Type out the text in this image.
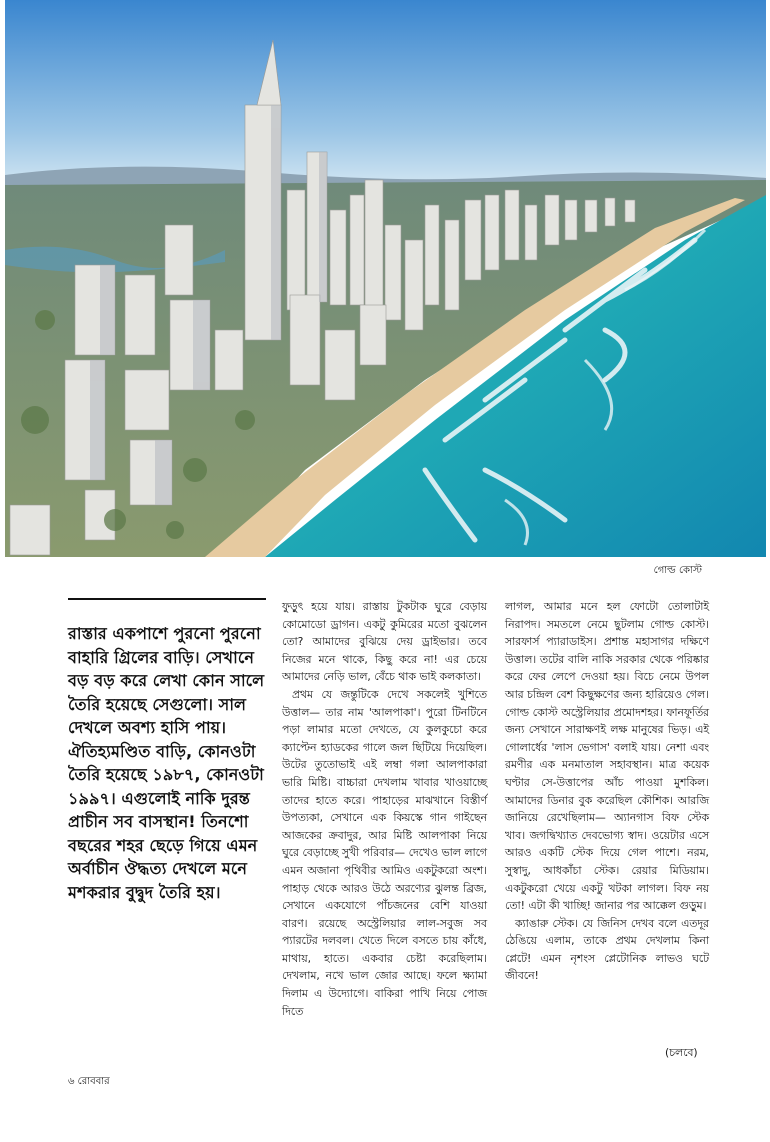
গোল্ড কোস্ট
রাস্তার একপাশে পুরনো পুরনো বাহারি গ্রিলের বাড়ি। সেখানে বড় বড় করে লেখা কোন সালে তৈরি হয়েছে সেগুলো। সাল দেখলে অবশ্য হাসি পায়। ঐতিহ্যমণ্ডিত বাড়ি, কোনওটা তৈরি হয়েছে ১৯৮৭, কোনওটা ১৯৯৭। এগুলোই নাকি দুরন্ত প্রাচীন সব বাসস্থান! তিনশো বছরের শহর ছেড়ে গিয়ে এমন অর্বাচীন ঔদ্ধত্য দেখলে মনে মশকরার বুদ্বুদ তৈরি হয়।

ফুড়ুৎ হয়ে যায়। রাস্তায় টুকটাক ঘুরে বেড়ায় কোমোডো ড্রাগন। একটু কুমিরের মতো বুঝলেন তো? আমাদের বুঝিয়ে দেয় ড্রাইভার। তবে নিজের মনে থাকে, কিছু করে না! এর চেয়ে আমাদের নেড়ি ভাল, বেঁচে থাক ভাই কলকাতা।

প্রথম যে জন্তুটিকে দেখে সকলেই খুশিতে উত্তাল— তার নাম 'আলপাকা'। পুরো টিনটিনে পড়া লামার মতো দেখতে, যে কুলকুচো করে ক্যাপ্টেন হ্যাডকের গালে জল ছিটিয়ে দিয়েছিল। উটের তুতোভাই এই লম্বা গলা আলপাকারা ভারি মিষ্টি। বাচ্চারা দেখলাম খাবার খাওয়াচ্ছে তাদের হাতে করে। পাহাড়ের মাঝখানে বিস্তীর্ণ উপত্যকা, সেখানে এক কিয়স্কে গান গাইছেন আজকের ক্রবাদুর, আর মিষ্টি আলপাকা নিয়ে ঘুরে বেড়াচ্ছে সুখী পরিবার— দেখেও ভাল লাগে এমন অজানা পৃথিবীর আমিও একটুকরো অংশ। পাহাড় থেকে আরও উঠে অরণ্যের ঝুলন্ত ব্রিজ, সেখানে একযোগে পাঁচজনের বেশি যাওয়া বারণ। রয়েছে অস্ট্রেলিয়ার লাল-সবুজ সব প্যারটের দলবল। খেতে দিলে বসতে চায় কাঁধে, মাথায়, হাতে। একবার চেষ্টা করেছিলাম। দেখলাম, নখে ভাল জোর আছে। ফলে ক্ষ্যামা দিলাম এ উদ্যোগে। বাকিরা পাখি নিয়ে পোজ দিতে

লাগল, আমার মনে হল ফোটো তোলাটাই নিরাপদ। সমতলে নেমে ছুটলাম গোল্ড কোস্ট। সারফার্স প্যারাডাইস। প্রশান্ত মহাসাগর দক্ষিণে উত্তাল। তটের বালি নাকি সরকার থেকে পরিষ্কার করে ফের লেপে দেওয়া হয়। বিচে নেমে উপল আর চন্দ্রিল বেশ কিছুক্ষণের জন্য হারিয়েও গেল। গোল্ড কোস্ট অস্ট্রেলিয়ার প্রমোদশহর। ফানফূর্তির জন্য সেখানে সারাক্ষণই লক্ষ মানুষের ভিড়। এই গোলার্ধের 'লাস ভেগাস' বলাই যায়। নেশা এবং রমণীর এক মনমাতাল সহাবস্থান। মাত্র কয়েক ঘণ্টার সে-উত্তাপের আঁচ পাওয়া মুশকিল। আমাদের ডিনার বুক করেছিল কৌশিক। আরজি জানিয়ে রেখেছিলাম— অ্যানগাস বিফ স্টেক খাব। জগদ্বিখ্যাত দেবভোগ্য স্বাদ। ওয়েটার এসে আরও একটি স্টেক দিয়ে গেল পাশে। নরম, সুস্বাদু, আধকাঁচা স্টেক। রেয়ার মিডিয়াম। একটুকরো খেয়ে একটু খটকা লাগল। বিফ নয় তো! এটা কী খাচ্ছি! জানার পর আক্কেল গুড়ুম।

ক্যাঙারু স্টেক। যে জিনিস দেখব বলে এতদূর ঠেঙিয়ে এলাম, তাকে প্রথম দেখলাম কিনা প্লেটে! এমন নৃশংস প্লেটোনিক লাভও ঘটে জীবনে!

(চলবে)
৬ রোববার
